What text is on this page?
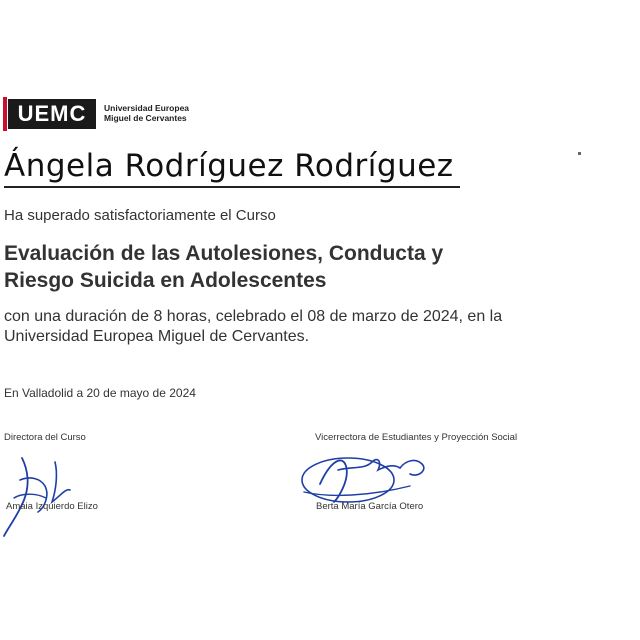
UEMC	Universidad Europea
Miguel de Cervantes
Ángela Rodríguez Rodríguez
Ha superado satisfactoriamente el Curso
Evaluación de las Autolesiones, Conducta y
Riesgo Suicida en Adolescentes
con una duración de 8 horas, celebrado el 08 de marzo de 2024, en la
Universidad Europea Miguel de Cervantes.
En Valladolid a 20 de mayo de 2024
Directora del Curso	Vicerrectora de Estudiantes y Proyección Social
Amaia Izquierdo Elizo	Berta María García Otero
